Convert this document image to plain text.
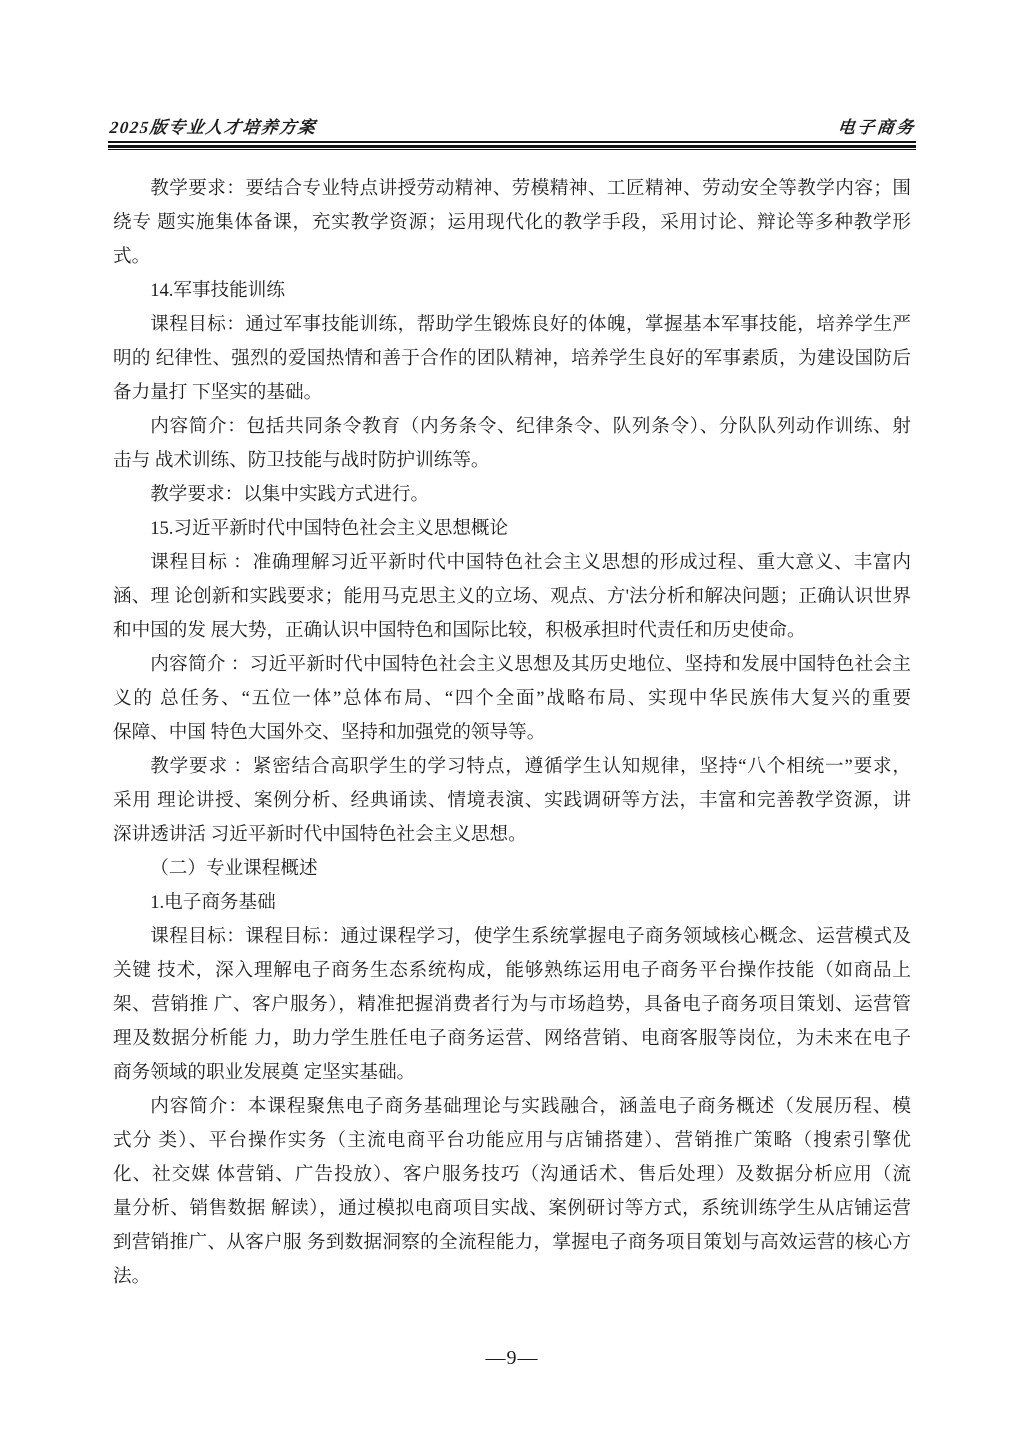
2025版专业人才培养方案	电子商务
教学要求：要结合专业特点讲授劳动精神、劳模精神、工匠精神、劳动安全等教学内容；围
绕专 题实施集体备课，充实教学资源；运用现代化的教学手段，采用讨论、辩论等多种教学形
式。
14.军事技能训练
课程目标：通过军事技能训练，帮助学生锻炼良好的体魄，掌握基本军事技能，培养学生严
明的 纪律性、强烈的爱国热情和善于合作的团队精神，培养学生良好的军事素质，为建设国防后
备力量打 下坚实的基础。
内容简介：包括共同条令教育（内务条令、纪律条令、队列条令）、分队队列动作训练、射
击与 战术训练、防卫技能与战时防护训练等。
教学要求：以集中实践方式进行。
15.习近平新时代中国特色社会主义思想概论
课程目标 ：准确理解习近平新时代中国特色社会主义思想的形成过程、重大意义、丰富内
涵、理 论创新和实践要求；能用马克思主义的立场、观点、方'法分析和解决问题；正确认识世界
和中国的发 展大势，正确认识中国特色和国际比较，积极承担时代责任和历史使命。
内容简介 ：习近平新时代中国特色社会主义思想及其历史地位、坚持和发展中国特色社会主
义的 总任务、“五位一体”总体布局、“四个全面”战略布局、实现中华民族伟大复兴的重要
保障、中国 特色大国外交、坚持和加强党的领导等。
教学要求 ：紧密结合高职学生的学习特点，遵循学生认知规律，坚持“八个相统一”要求，
采用 理论讲授、案例分析、经典诵读、情境表演、实践调研等方法，丰富和完善教学资源，讲
深讲透讲活 习近平新时代中国特色社会主义思想。
（二）专业课程概述
1.电子商务基础
课程目标：课程目标：通过课程学习，使学生系统掌握电子商务领域核心概念、运营模式及
关键 技术，深入理解电子商务生态系统构成，能够熟练运用电子商务平台操作技能（如商品上
架、营销推 广、客户服务），精准把握消费者行为与市场趋势，具备电子商务项目策划、运营管
理及数据分析能 力，助力学生胜任电子商务运营、网络营销、电商客服等岗位，为未来在电子
商务领域的职业发展奠 定坚实基础。
内容简介：本课程聚焦电子商务基础理论与实践融合，涵盖电子商务概述（发展历程、模
式分 类）、平台操作实务（主流电商平台功能应用与店铺搭建）、营销推广策略（搜索引擎优
化、社交媒 体营销、广告投放）、客户服务技巧（沟通话术、售后处理）及数据分析应用（流
量分析、销售数据 解读），通过模拟电商项目实战、案例研讨等方式，系统训练学生从店铺运营
到营销推广、从客户服 务到数据洞察的全流程能力，掌握电子商务项目策划与高效运营的核心方
法。
—9—
